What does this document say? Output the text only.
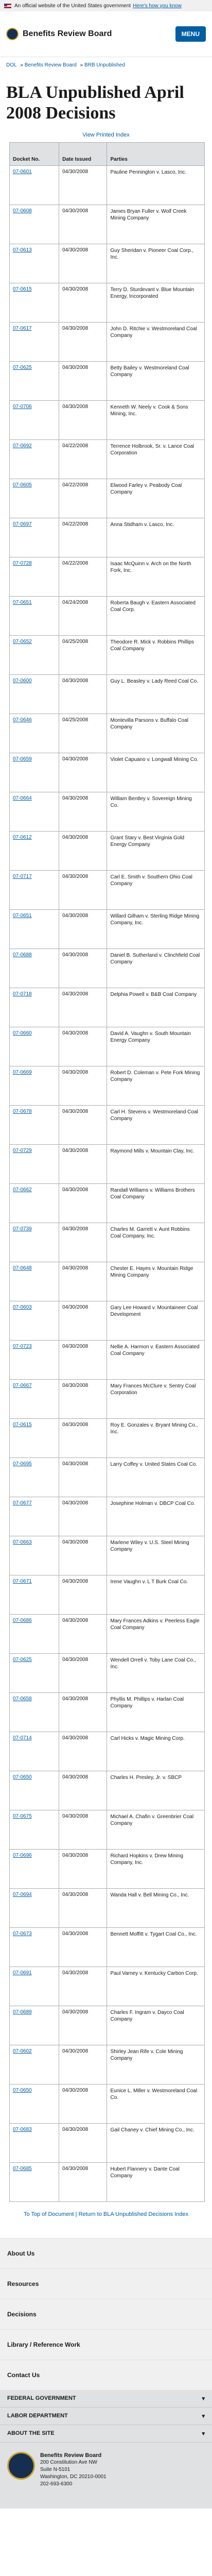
An official website of the United States government Here's how you know
Benefits Review Board	MENU
DOL » Benefits Review Board » BRB Unpublished
BLA Unpublished April 2008 Decisions
View Printed Index
Docket No.	Date Issued	Parties
07-0601	04/30/2008	Pauline Pennington v. Lasco, Inc.
07-0608	04/30/2008	James Bryan Fuller v. Wolf Creek Mining Company
07-0613	04/30/2008	Guy Sheridan v. Pioneer Coal Corp., Inc.
07-0615	04/30/2008	Terry D. Sturdevant v. Blue Mountain Energy, Incorporated
07-0617	04/30/2008	John D. Ritchie v. Westmoreland Coal Company
07-0625	04/30/2008	Betty Bailey v. Westmoreland Coal Company
07-0706	04/30/2008	Kenneth W. Neely v. Cook & Sons Mining, Inc.
07-0692	04/22/2008	Terrence Holbrook, Sr. v. Lance Coal Corporation
07-0605	04/22/2008	Elwood Farley v. Peabody Coal Company
07-0697	04/22/2008	Anna Stidham v. Lasco, Inc.
07-0728	04/22/2008	Isaac McQuinn v. Arch on the North Fork, Inc.
07-0651	04/24/2008	Roberta Baugh v. Eastern Associated Coal Corp.
07-0652	04/25/2008	Theodore R. Mick v. Robbins Phillips Coal Company
07-0600	04/30/2008	Guy L. Beasley v. Lady Reed Coal Co.
07-0646	04/25/2008	Montevilla Parsons v. Buffalo Coal Company
07-0659	04/30/2008	Violet Capuano v. Longwall Mining Co.
07-0664	04/30/2008	William Bentley v. Sovereign Mining Co.
07-0612	04/30/2008	Grant Stary v. Best Virginia Gold Energy Company
07-0717	04/30/2008	Carl E. Smith v. Southern Ohio Coal Company
07-0651	04/30/2008	Willard Gilham v. Sterling Ridge Mining Company, Inc.
07-0688	04/30/2008	Daniel B. Sutherland v. Clinchfield Coal Company
07-0718	04/30/2008	Delphia Powell v. B&B Coal Company
07-0660	04/30/2008	David A. Vaughn v. South Mountain Energy Company
07-0669	04/30/2008	Robert D. Coleman v. Pete Fork Mining Company
07-0678	04/30/2008	Carl H. Stevens v. Westmoreland Coal Company
07-0729	04/30/2008	Raymond Mills v. Mountain Clay, Inc.
07-0662	04/30/2008	Randall Williams v. Williams Brothers Coal Company
07-0739	04/30/2008	Charles M. Garrett v. Aunt Robbins Coal Company, Inc.
07-0648	04/30/2008	Chester E. Hayes v. Mountain Ridge Mining Company
07-0603	04/30/2008	Gary Lee Howard v. Mountaineer Coal Development
07-0723	04/30/2008	Nellie A. Harmon v. Eastern Associated Coal Company
07-0667	04/30/2008	Mary Frances McClure v. Sentry Coal Corporation
07-0615	04/30/2008	Roy E. Gonzales v. Bryant Mining Co., Inc.
07-0695	04/30/2008	Larry Coffey v. United States Coal Co.
07-0677	04/30/2008	Josephine Holman v. DBCP Coal Co.
07-0663	04/30/2008	Marlene Wiley v. U.S. Steel Mining Company
07-0671	04/30/2008	Irene Vaughn v. L T Burk Coal Co.
07-0686	04/30/2008	Mary Frances Adkins v. Peerless Eagle Coal Company
07-0625	04/30/2008	Wendell Orrell v. Toby Lane Coal Co., Inc.
07-0658	04/30/2008	Phyllis M. Phillips v. Harlan Coal Company
07-0714	04/30/2008	Carl Hicks v. Magic Mining Corp.
07-0650	04/30/2008	Charles H. Presley, Jr. v. SBCP
07-0675	04/30/2008	Michael A. Chafin v. Greenbrier Coal Company
07-0696	04/30/2008	Richard Hopkins v. Drew Mining Company, Inc.
07-0694	04/30/2008	Wanda Hall v. Bell Mining Co., Inc.
07-0673	04/30/2008	Bennett Moffitt v. Tygart Coal Co., Inc.
07-0691	04/30/2008	Paul Varney v. Kentucky Carbon Corp.
07-0689	04/30/2008	Charles F. Ingram v. Dayco Coal Company
07-0602	04/30/2008	Shirley Jean Rife v. Cole Mining Company
07-0650	04/30/2008	Eunice L. Miller v. Westmoreland Coal Co.
07-0683	04/30/2008	Gail Chaney v. Chief Mining Co., Inc.
07-0685	04/30/2008	Hubert Flannery v. Dante Coal Company
To Top of Document | Return to BLA Unpublished Decisions Index
About Us
Resources
Decisions
Library / Reference Work
Contact Us
FEDERAL GOVERNMENT	▾
LABOR DEPARTMENT	▾
ABOUT THE SITE	▾
Benefits Review Board
200 Constitution Ave NW
Suite N-5101
Washington, DC 20210-0001
202-693-6300
